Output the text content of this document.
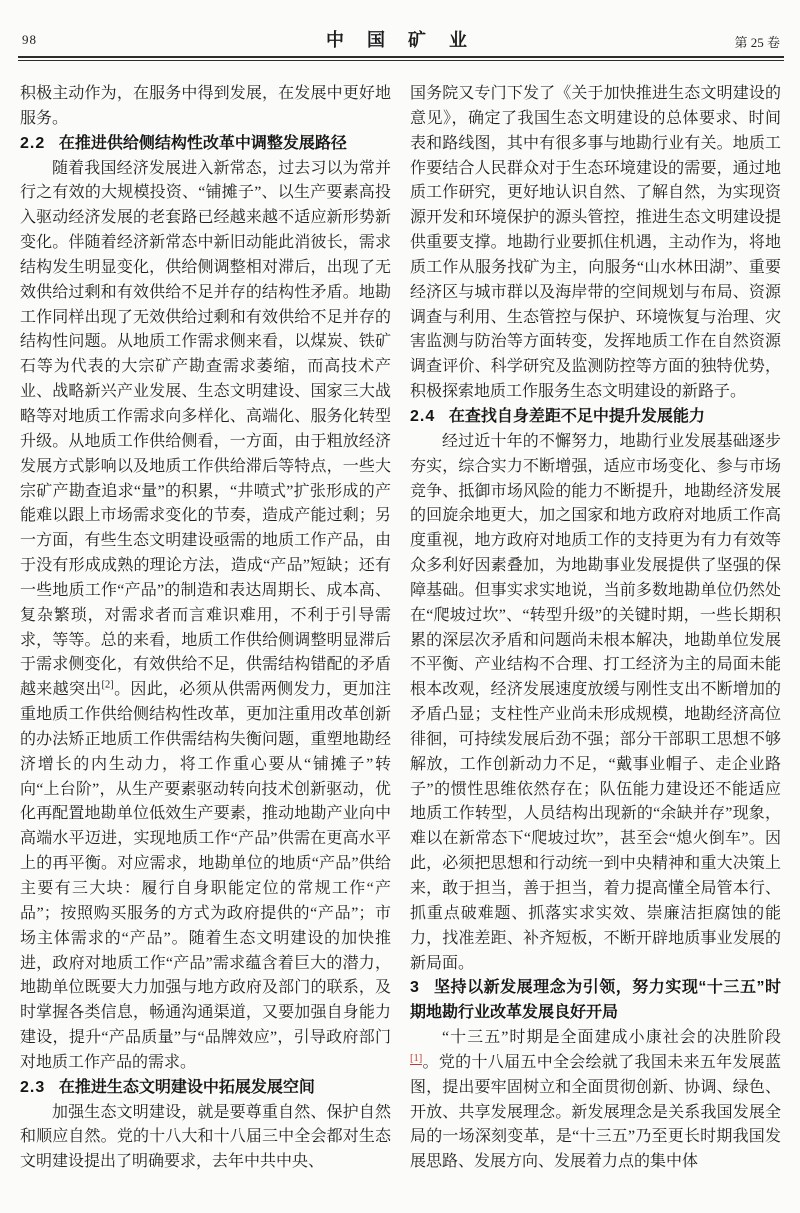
98	中 国 矿 业	第 25 卷

积极主动作为，在服务中得到发展，在发展中更好地服务。

2.2 在推进供给侧结构性改革中调整发展路径

随着我国经济发展进入新常态，过去习以为常并行之有效的大规模投资、“铺摊子”、以生产要素高投入驱动经济发展的老套路已经越来越不适应新形势新变化。伴随着经济新常态中新旧动能此消彼长，需求结构发生明显变化，供给侧调整相对滞后，出现了无效供给过剩和有效供给不足并存的结构性矛盾。地勘工作同样出现了无效供给过剩和有效供给不足并存的结构性问题。从地质工作需求侧来看，以煤炭、铁矿石等为代表的大宗矿产勘查需求萎缩，而高技术产业、战略新兴产业发展、生态文明建设、国家三大战略等对地质工作需求向多样化、高端化、服务化转型升级。从地质工作供给侧看，一方面，由于粗放经济发展方式影响以及地质工作供给滞后等特点，一些大宗矿产勘查追求“量”的积累，“井喷式”扩张形成的产能难以跟上市场需求变化的节奏，造成产能过剩；另一方面，有些生态文明建设亟需的地质工作产品，由于没有形成成熟的理论方法，造成“产品”短缺；还有一些地质工作“产品”的制造和表达周期长、成本高、复杂繁琐，对需求者而言难识难用，不利于引导需求，等等。总的来看，地质工作供给侧调整明显滞后于需求侧变化，有效供给不足，供需结构错配的矛盾越来越突出[2]。因此，必须从供需两侧发力，更加注重地质工作供给侧结构性改革，更加注重用改革创新的办法矫正地质工作供需结构失衡问题，重塑地勘经济增长的内生动力，将工作重心要从“铺摊子”转向“上台阶”，从生产要素驱动转向技术创新驱动，优化再配置地勘单位低效生产要素，推动地勘产业向中高端水平迈进，实现地质工作“产品”供需在更高水平上的再平衡。对应需求，地勘单位的地质“产品”供给主要有三大块：履行自身职能定位的常规工作“产品”；按照购买服务的方式为政府提供的“产品”；市场主体需求的“产品”。随着生态文明建设的加快推进，政府对地质工作“产品”需求蕴含着巨大的潜力，地勘单位既要大力加强与地方政府及部门的联系，及时掌握各类信息，畅通沟通渠道，又要加强自身能力建设，提升“产品质量”与“品牌效应”，引导政府部门对地质工作产品的需求。

2.3 在推进生态文明建设中拓展发展空间

加强生态文明建设，就是要尊重自然、保护自然和顺应自然。党的十八大和十八届三中全会都对生态文明建设提出了明确要求，去年中共中央、

国务院又专门下发了《关于加快推进生态文明建设的意见》，确定了我国生态文明建设的总体要求、时间表和路线图，其中有很多事与地勘行业有关。地质工作要结合人民群众对于生态环境建设的需要，通过地质工作研究，更好地认识自然、了解自然，为实现资源开发和环境保护的源头管控，推进生态文明建设提供重要支撑。地勘行业要抓住机遇，主动作为，将地质工作从服务找矿为主，向服务“山水林田湖”、重要经济区与城市群以及海岸带的空间规划与布局、资源调查与利用、生态管控与保护、环境恢复与治理、灾害监测与防治等方面转变，发挥地质工作在自然资源调查评价、科学研究及监测防控等方面的独特优势，积极探索地质工作服务生态文明建设的新路子。

2.4 在查找自身差距不足中提升发展能力

经过近十年的不懈努力，地勘行业发展基础逐步夯实，综合实力不断增强，适应市场变化、参与市场竞争、抵御市场风险的能力不断提升，地勘经济发展的回旋余地更大，加之国家和地方政府对地质工作高度重视，地方政府对地质工作的支持更为有力有效等众多利好因素叠加，为地勘事业发展提供了坚强的保障基础。但事实求实地说，当前多数地勘单位仍然处在“爬坡过坎”、“转型升级”的关键时期，一些长期积累的深层次矛盾和问题尚未根本解决，地勘单位发展不平衡、产业结构不合理、打工经济为主的局面未能根本改观，经济发展速度放缓与刚性支出不断增加的矛盾凸显；支柱性产业尚未形成规模，地勘经济高位徘徊，可持续发展后劲不强；部分干部职工思想不够解放，工作创新动力不足，“戴事业帽子、走企业路子”的惯性思维依然存在；队伍能力建设还不能适应地质工作转型，人员结构出现新的“余缺并存”现象，难以在新常态下“爬坡过坎”，甚至会“熄火倒车”。因此，必须把思想和行动统一到中央精神和重大决策上来，敢于担当，善于担当，着力提高懂全局管本行、抓重点破难题、抓落实求实效、崇廉洁拒腐蚀的能力，找准差距、补齐短板，不断开辟地质事业发展的新局面。

3 坚持以新发展理念为引领，努力实现“十三五”时期地勘行业改革发展良好开局

“十三五”时期是全面建成小康社会的决胜阶段[1]。党的十八届五中全会绘就了我国未来五年发展蓝图，提出要牢固树立和全面贯彻创新、协调、绿色、开放、共享发展理念。新发展理念是关系我国发展全局的一场深刻变革，是“十三五”乃至更长时期我国发展思路、发展方向、发展着力点的集中体
